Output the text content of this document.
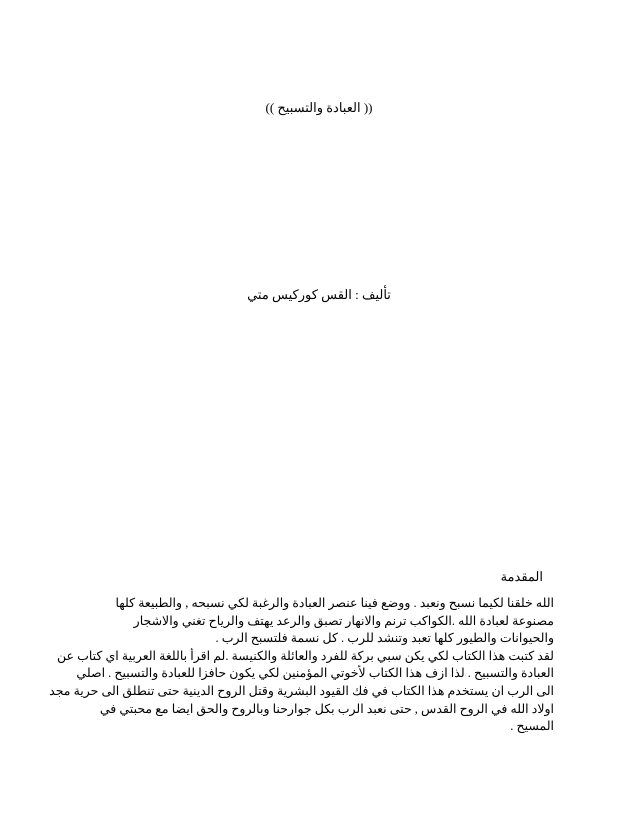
(( العبادة والتسبيح ))
تأليف : القس كوركيس متي
المقدمة
الله خلقنا لكيما نسبح ونعبد . ووضع فينا عنصر العبادة والرغبة لكي نسبحه , والطبيعة كلها
مصنوعة لعبادة الله .الكواكب ترنم والانهار تصبق والرعد يهتف والرياح تغني والاشجار
والحيوانات والطيور كلها تعبد وتنشد للرب . كل نسمة فلتسبح الرب .
لقد كتبت هذا الكتاب لكي يكن سبي بركة للفرد والعائلة والكنيسة .لم اقرأ باللغة العربية اي كتاب عن
العبادة والتسبيح . لذا ازف هذا الكتاب لأخوتي المؤمنين لكي يكون حافزا للعبادة والتسبيح . اصلي
الى الرب ان يستخدم هذا الكتاب في فك القيود البشرية وقتل الروح الدينية حتى تنطلق الى حرية مجد
اولاد الله في الروح القدس , حتى نعبد الرب بكل جوارحنا وبالروح والحق ايضا مع محبتي في
المسيح .
